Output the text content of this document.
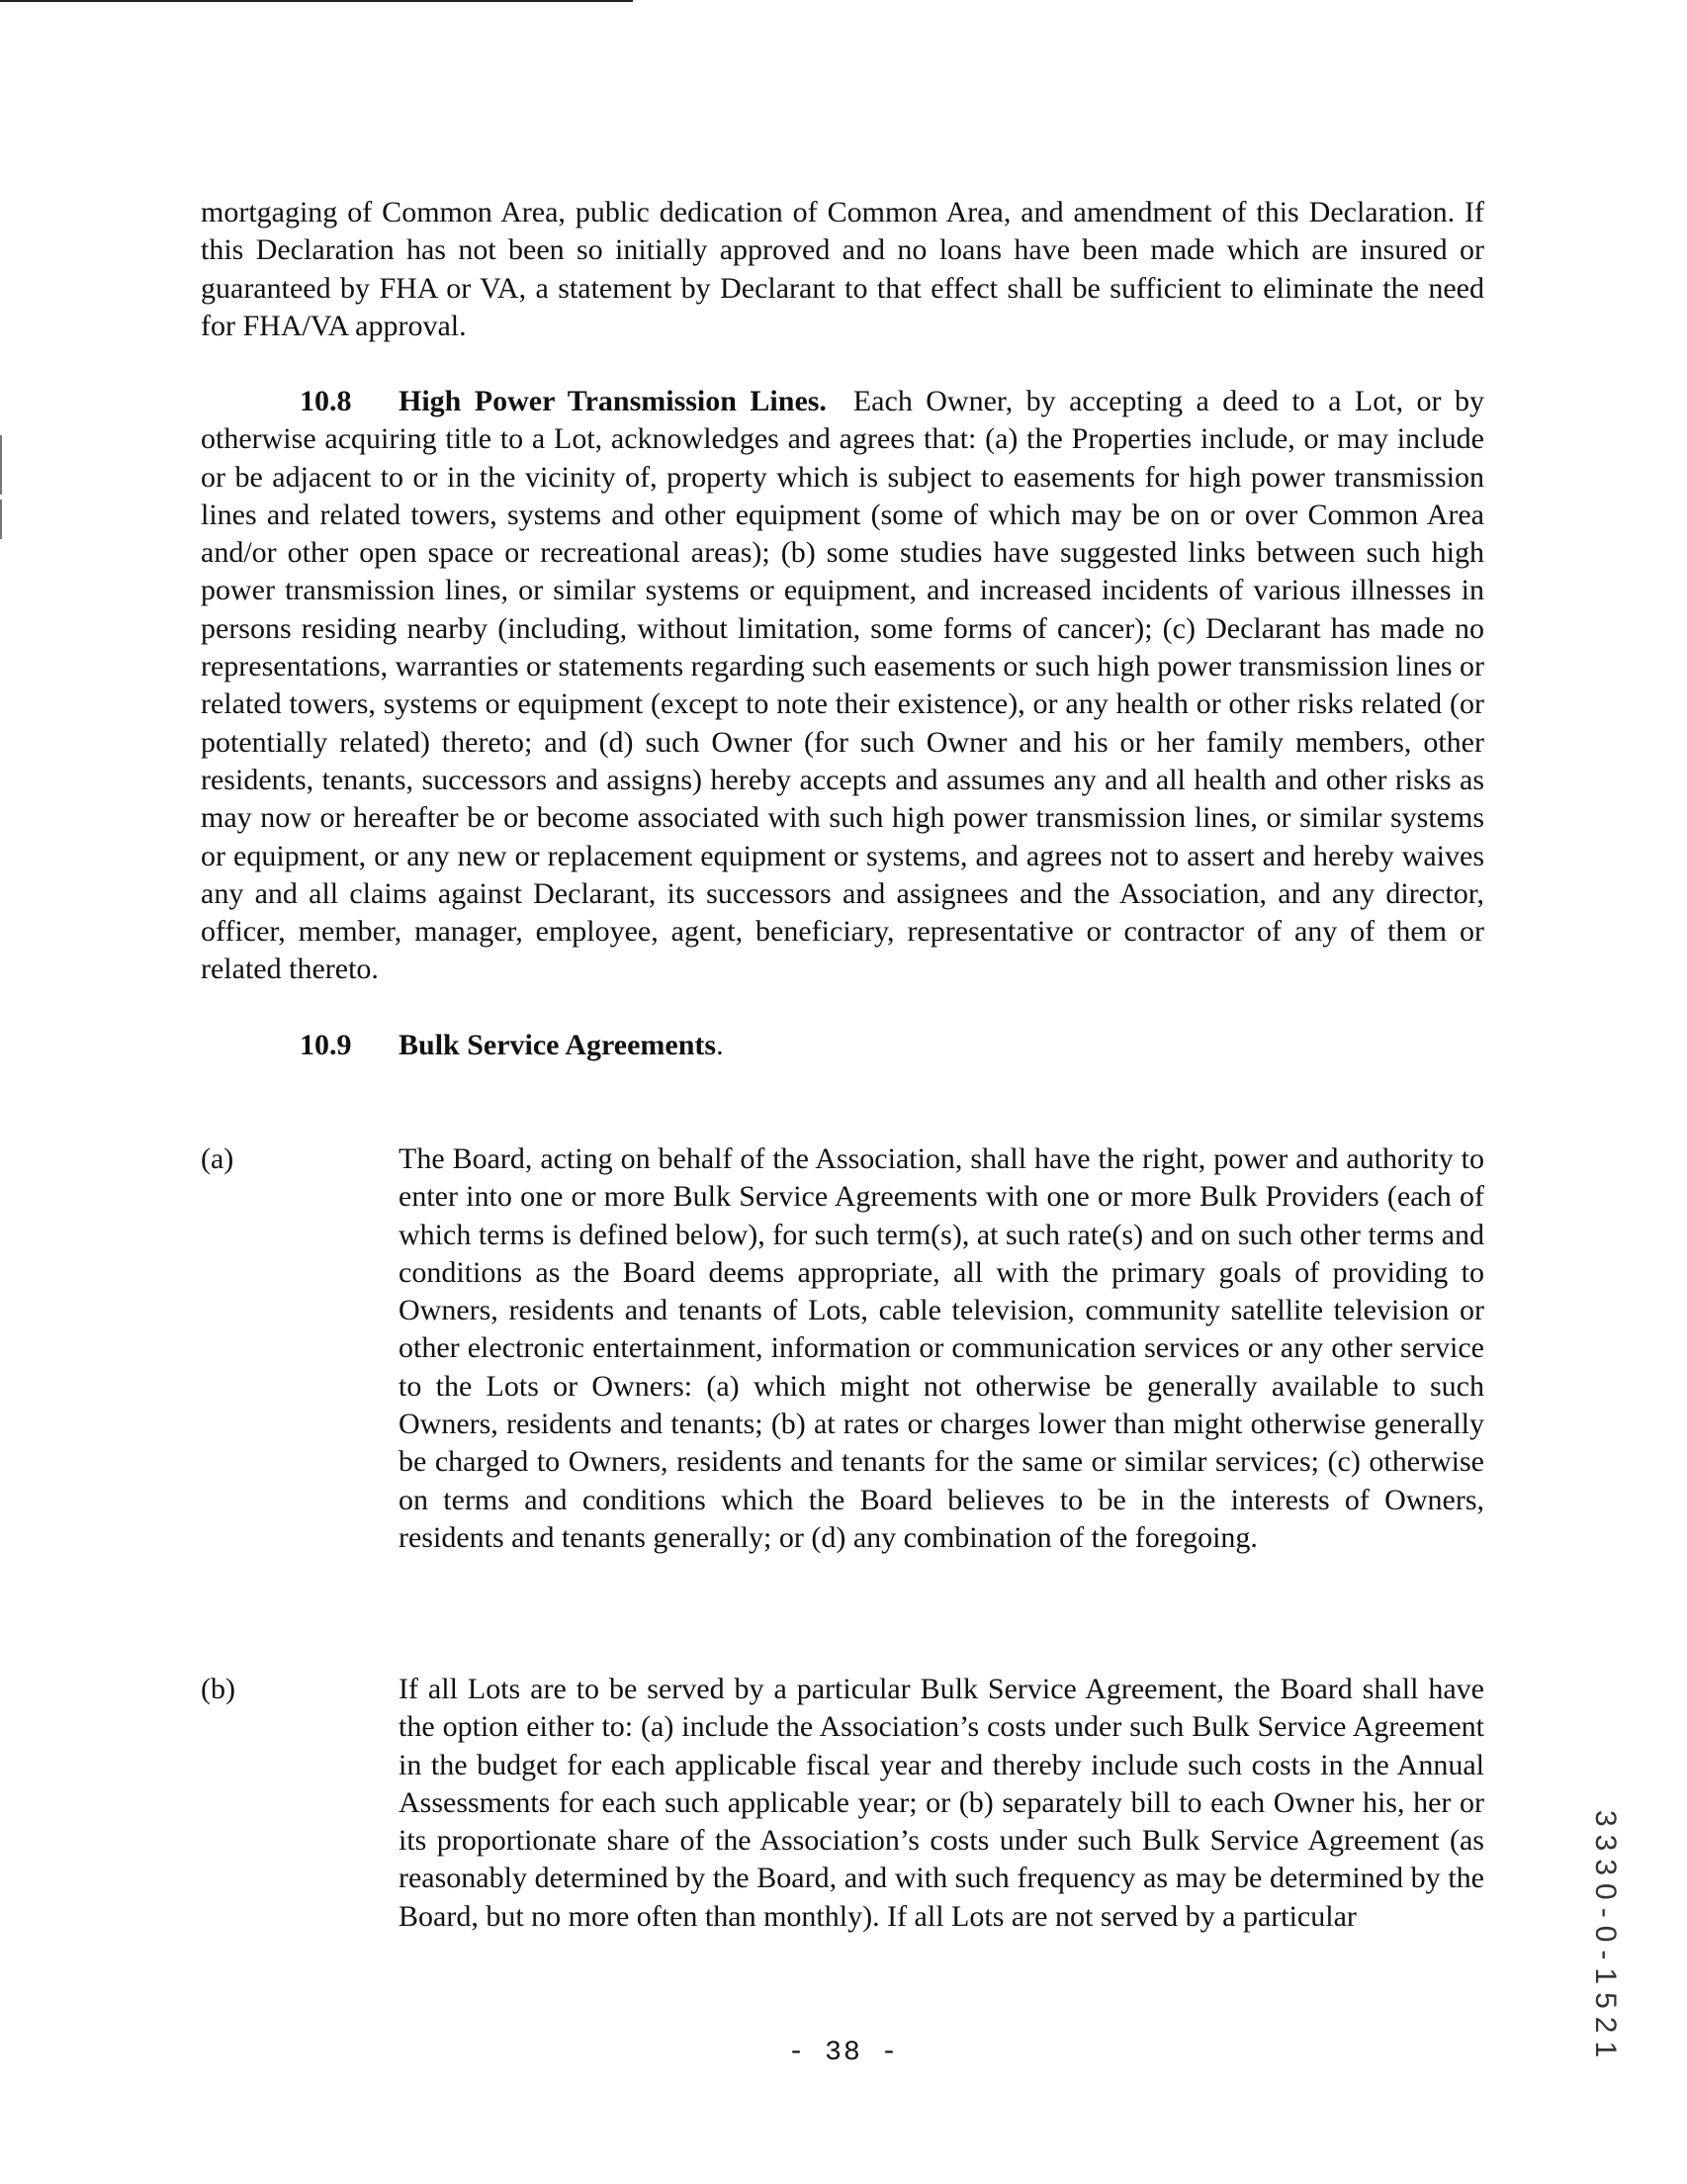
mortgaging of Common Area, public dedication of Common Area, and amendment of this Declaration. If this Declaration has not been so initially approved and no loans have been made which are insured or guaranteed by FHA or VA, a statement by Declarant to that effect shall be sufficient to eliminate the need for FHA/VA approval.

10.8 High Power Transmission Lines. Each Owner, by accepting a deed to a Lot, or by otherwise acquiring title to a Lot, acknowledges and agrees that: (a) the Properties include, or may include or be adjacent to or in the vicinity of, property which is subject to easements for high power transmission lines and related towers, systems and other equipment (some of which may be on or over Common Area and/or other open space or recreational areas); (b) some studies have suggested links between such high power transmission lines, or similar systems or equipment, and increased incidents of various illnesses in persons residing nearby (including, without limitation, some forms of cancer); (c) Declarant has made no representations, warranties or statements regarding such easements or such high power transmission lines or related towers, systems or equipment (except to note their existence), or any health or other risks related (or potentially related) thereto; and (d) such Owner (for such Owner and his or her family members, other residents, tenants, successors and assigns) hereby accepts and assumes any and all health and other risks as may now or hereafter be or become associated with such high power transmission lines, or similar systems or equipment, or any new or replacement equipment or systems, and agrees not to assert and hereby waives any and all claims against Declarant, its successors and assignees and the Association, and any director, officer, member, manager, employee, agent, beneficiary, representative or contractor of any of them or related thereto.

10.9 Bulk Service Agreements.
(a)	The Board, acting on behalf of the Association, shall have the right, power and authority to enter into one or more Bulk Service Agreements with one or more Bulk Providers (each of which terms is defined below), for such term(s), at such rate(s) and on such other terms and conditions as the Board deems appropriate, all with the primary goals of providing to Owners, residents and tenants of Lots, cable television, community satellite television or other electronic entertainment, information or communication services or any other service to the Lots or Owners: (a) which might not otherwise be generally available to such Owners, residents and tenants; (b) at rates or charges lower than might otherwise generally be charged to Owners, residents and tenants for the same or similar services; (c) otherwise on terms and conditions which the Board believes to be in the interests of Owners, residents and tenants generally; or (d) any combination of the foregoing.
(b)	If all Lots are to be served by a particular Bulk Service Agreement, the Board shall have the option either to: (a) include the Association’s costs under such Bulk Service Agreement in the budget for each applicable fiscal year and thereby include such costs in the Annual Assessments for each such applicable year; or (b) separately bill to each Owner his, her or its proportionate share of the Association’s costs under such Bulk Service Agreement (as reasonably determined by the Board, and with such frequency as may be determined by the Board, but no more often than monthly). If all Lots are not served by a particular	3330-0-1521
- 38 -
